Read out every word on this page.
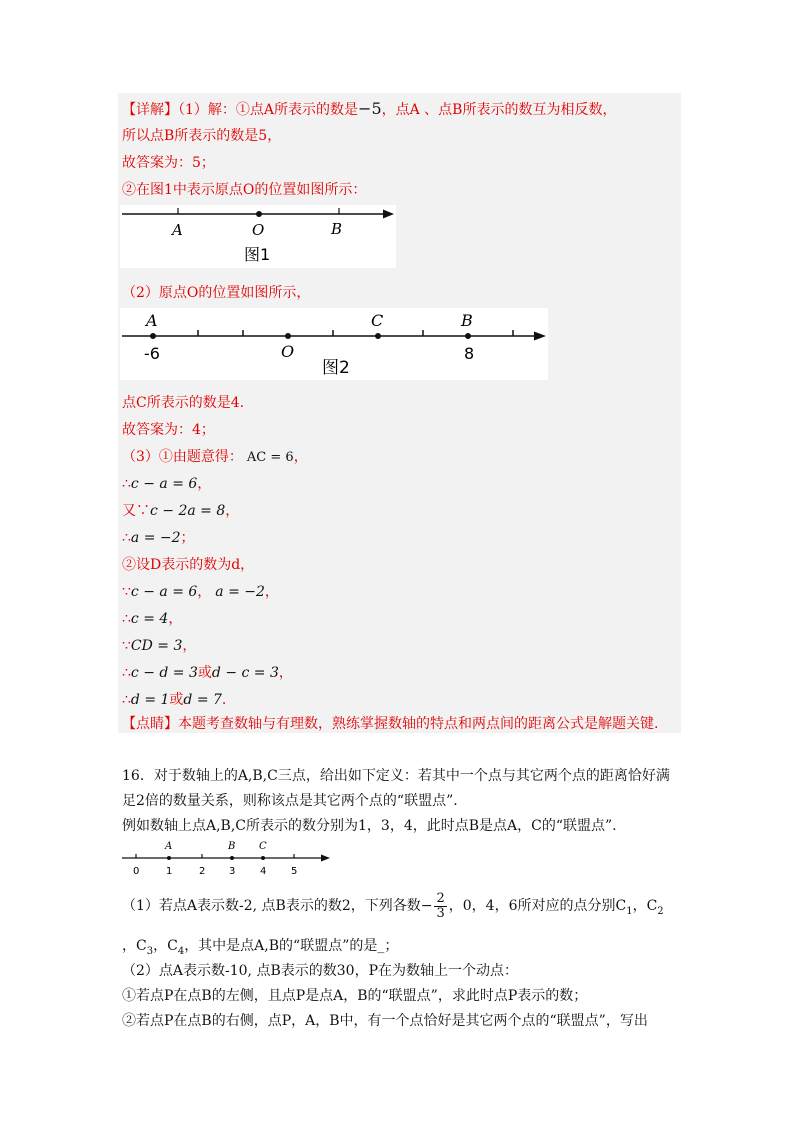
【详解】（1）解：①点A所表示的数是−5，点A 、点B所表示的数互为相反数，
所以点B所表示的数是5，
故答案为：5；
②在图1中表示原点O的位置如图所示：
A	O	B
图1
（2）原点O的位置如图所示，
A	C	B
-6	O	8
图2
点C所表示的数是4.
故答案为：4；
（3）①由题意得： AC = 6，
∴c − a = 6，
又∵c − 2a = 8，
∴a = −2；
②设D表示的数为d，
∵c − a = 6， a = −2，
∴c = 4，
∵CD = 3，
∴c − d = 3或d − c = 3，
∴d = 1或d = 7.
【点睛】本题考查数轴与有理数，熟练掌握数轴的特点和两点间的距离公式是解题关键.
16．对于数轴上的A,B,C三点，给出如下定义：若其中一个点与其它两个点的距离恰好满
足2倍的数量关系，则称该点是其它两个点的“联盟点”.
例如数轴上点A,B,C所表示的数分别为1，3，4，此时点B是点A，C的“联盟点”.
A	B C
0	1	2 3 4 5
（1）若点A表示数-2, 点B表示的数2，下列各数− $\frac{2}{3}$ ，0，4，6所对应的点分别$C_1$，$C_2$
，$C_3$，$C_4$，其中是点A,B的“联盟点”的是_；
（2）点A表示数-10, 点B表示的数30，P在为数轴上一个动点：
①若点P在点B的左侧，且点P是点A，B的“联盟点”，求此时点P表示的数；
②若点P在点B的右侧，点P，A，B中，有一个点恰好是其它两个点的“联盟点”，写出
